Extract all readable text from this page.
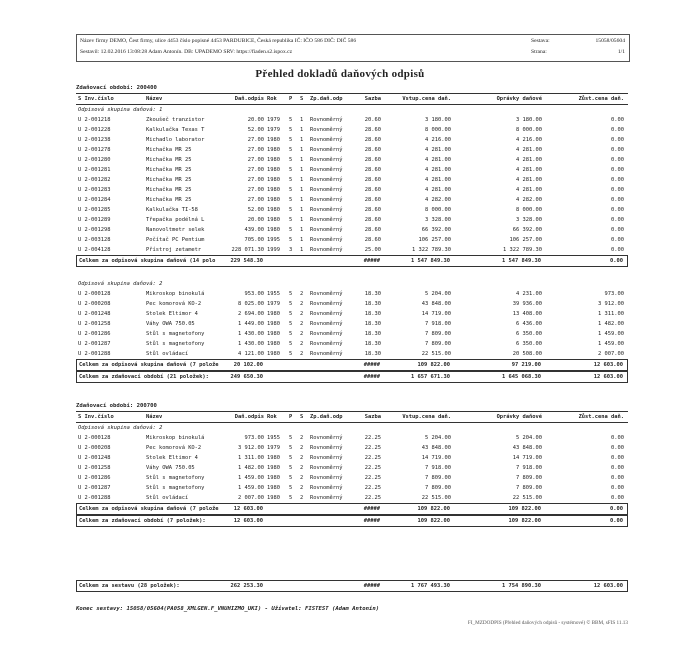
Název firmy DEMO, Čest firmy, ulice 4453 číslo popisné 4453 PARDUBICE, Česká republika IČ: IČO 586 DIČ: DIČ 586
Sestavil: 12.02.2016 13:08:28 Adam Antonín. DB: UPADEMO SRV: https://fiaden.s2.ispox.cz
Sestava:	15058/05604
Strana:	1/1
Přehled dokladů daňových odpisů
Zdaňovací období: 200400
S Inv.číslo	Název	Daň.odpis Rok P S Zp.daň.odp	Sazba	Vstup.cena daň.	Oprávky daňové	Zůst.cena daň.
Odpisová skupina daňová: 1
U 2-001218	Zkoušeč tranzistor	20.00 1979 5 1 Rovnoměrný	20.60	3 180.00	3 180.00	0.00
U 2-001228	Kalkulačka Texas T	52.00 1979 5 1 Rovnoměrný	28.60	8 000.00	8 000.00	0.00
U 2-001238	Michadlo laborator	27.00 1980 5 1 Rovnoměrný	28.60	4 216.00	4 216.00	0.00
U 2-001278	Michačka MR 25	27.00 1980 5 1 Rovnoměrný	28.60	4 281.00	4 281.00	0.00
U 2-001280	Michačka MR 25	27.00 1980 5 1 Rovnoměrný	28.60	4 281.00	4 281.00	0.00
U 2-001281	Michačka MR 25	27.00 1980 5 1 Rovnoměrný	28.60	4 281.00	4 281.00	0.00
U 2-001282	Michačka MR 25	27.00 1980 5 1 Rovnoměrný	28.60	4 281.00	4 281.00	0.00
U 2-001283	Michačka MR 25	27.00 1980 5 1 Rovnoměrný	28.60	4 281.00	4 281.00	0.00
U 2-001284	Michačka MR 25	27.00 1980 5 1 Rovnoměrný	28.60	4 282.00	4 282.00	0.00
U 2-001285	Kalkulačka TI-58	52.00 1980 5 1 Rovnoměrný	28.60	8 000.00	8 000.00	0.00
U 2-001289	Třepačka podélná L	20.00 1980 5 1 Rovnoměrný	28.60	3 328.00	3 328.00	0.00
U 2-001298	Nanovoltmetr selek	439.00 1980 5 1 Rovnoměrný	28.60	66 392.00	66 392.00	0.00
U 2-003128	Počítač PC Pentium	705.00 1995 5 1 Rovnoměrný	28.60	106 257.00	106 257.00	0.00
U 2-004128	Přístroj zetametr	228 071.30 1999 3 1 Rovnoměrný	25.00	1 322 789.30	1 322 789.30	0.00
Celkem za odpisová skupina daňová (14 polo	229 548.30	#####	1 547 849.30	1 547 849.30	0.00
Odpisová skupina daňová: 2
U 2-000128	Mikroskop binokulá	953.00 1955 5 2 Rovnoměrný	18.30	5 204.00	4 231.00	973.00
U 2-000208	Pec komorová KO-2	8 025.00 1979 5 2 Rovnoměrný	18.30	43 848.00	39 936.00	3 912.00
U 2-001248	Stolek Eltimor 4	2 694.00 1980 5 2 Rovnoměrný	18.30	14 719.00	13 408.00	1 311.00
U 2-001258	Váhy OWA 750.05	1 449.00 1980 5 2 Rovnoměrný	18.30	7 918.00	6 436.00	1 482.00
U 2-001286	Stůl s magnetofony	1 430.00 1980 5 2 Rovnoměrný	18.30	7 809.00	6 350.00	1 459.00
U 2-001287	Stůl s magnetofony	1 430.00 1980 5 2 Rovnoměrný	18.30	7 809.00	6 350.00	1 459.00
U 2-001288	Stůl ovládací	4 121.00 1980 5 2 Rovnoměrný	18.30	22 515.00	20 508.00	2 007.00
Celkem za odpisová skupina daňová (7 polože	20 102.00	#####	109 822.00	97 219.00	12 603.00
Celkem za zdaňovací období (21 položek):	249 650.30	#####	1 657 671.30	1 645 068.30	12 603.00
Zdaňovací období: 200700
S Inv.číslo	Název	Daň.odpis Rok P S Zp.daň.odp	Sazba	Vstup.cena daň.	Oprávky daňové	Zůst.cena daň.
Odpisová skupina daňová: 2
U 2-000128	Mikroskop binokulá	973.00 1955 5 2 Rovnoměrný	22.25	5 204.00	5 204.00	0.00
U 2-000208	Pec komorová KO-2	3 912.00 1979 5 2 Rovnoměrný	22.25	43 848.00	43 848.00	0.00
U 2-001248	Stolek Eltimor 4	1 311.00 1980 5 2 Rovnoměrný	22.25	14 719.00	14 719.00	0.00
U 2-001258	Váhy OWA 750.05	1 482.00 1980 5 2 Rovnoměrný	22.25	7 918.00	7 918.00	0.00
U 2-001286	Stůl s magnetofony	1 459.00 1980 5 2 Rovnoměrný	22.25	7 809.00	7 809.00	0.00
U 2-001287	Stůl s magnetofony	1 459.00 1980 5 2 Rovnoměrný	22.25	7 809.00	7 809.00	0.00
U 2-001288	Stůl ovládací	2 007.00 1980 5 2 Rovnoměrný	22.25	22 515.00	22 515.00	0.00
Celkem za odpisová skupina daňová (7 polože	12 603.00	#####	109 822.00	109 822.00	0.00
Celkem za zdaňovací období (7 položek):	12 603.00	#####	109 822.00	109 822.00	0.00
Celkem za sestavu (28 položek):	262 253.30	#####	1 767 493.30	1 754 890.30	12 603.00
Konec sestavy: 15058/05604(PA058_XMLGEN.F_VNUHIZMO_UKI) - Uživatel: FISTEST (Adam Antonín)
FI_MZDODPIS (Přehled daňových odpisů - systémové) © BBM, sFIS 11.13
